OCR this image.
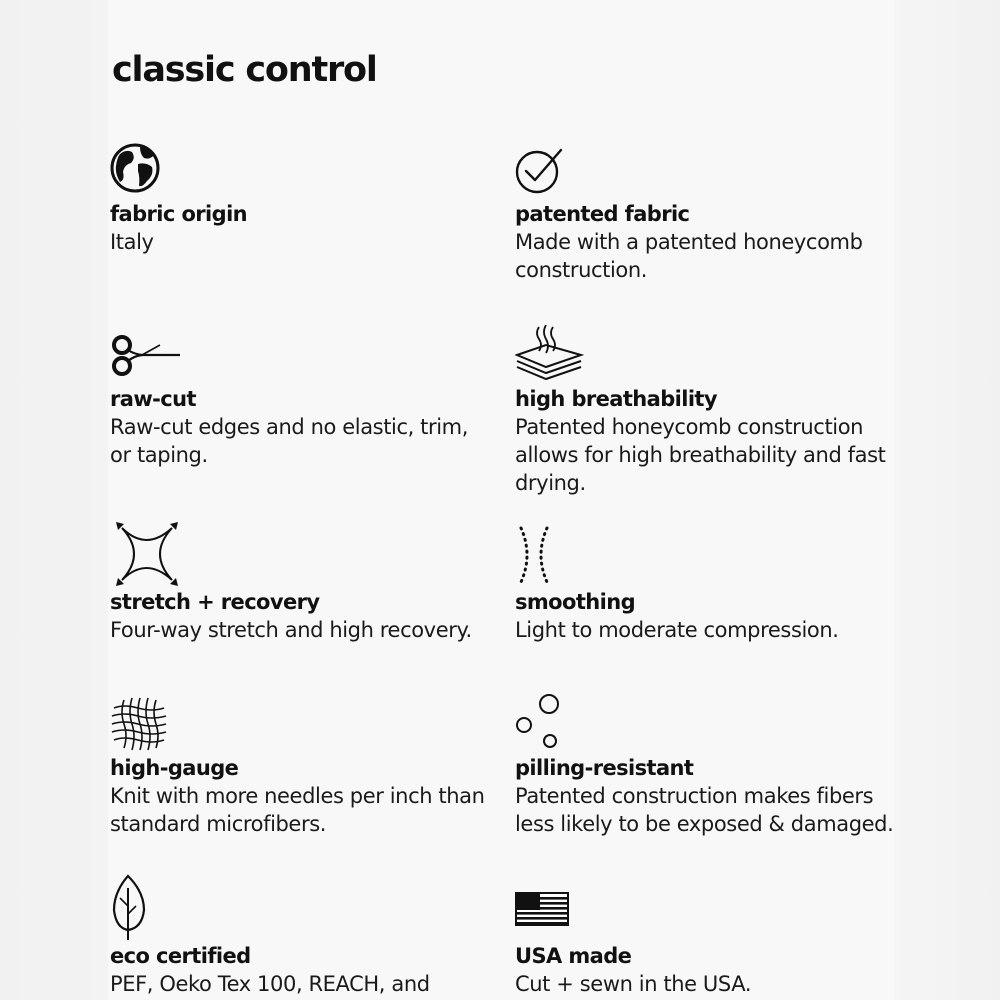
classic control
fabric origin
Italy
patented fabric
Made with a patented honeycomb construction.
raw-cut
Raw-cut edges and no elastic, trim, or taping.
high breathability
Patented honeycomb construction allows for high breathability and fast drying.
stretch + recovery
Four-way stretch and high recovery.
smoothing
Light to moderate compression.
high-gauge
Knit with more needles per inch than standard microfibers.
pilling-resistant
Patented construction makes fibers less likely to be exposed & damaged.
eco certified
PEF, Oeko Tex 100, REACH, and
USA made
Cut + sewn in the USA.
